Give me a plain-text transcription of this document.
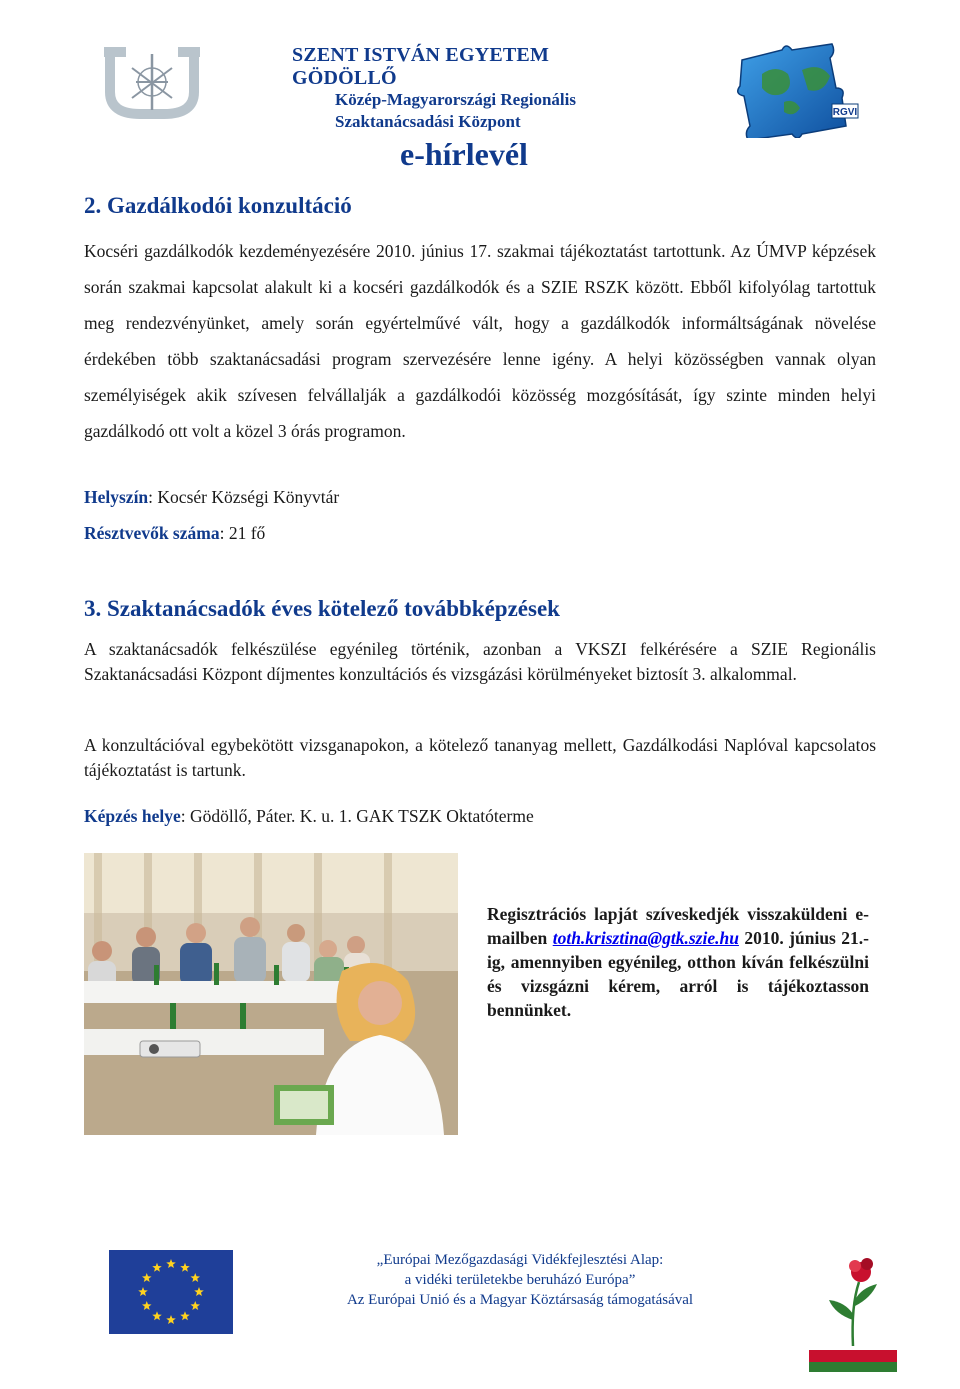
SZENT ISTVÁN EGYETEM GÖDÖLLŐ
Közép-Magyarországi Regionális
Szaktanácsadási Központ
e-hírlevél
RGVI
2. Gazdálkodói konzultáció

Kocséri gazdálkodók kezdeményezésére 2010. június 17. szakmai tájékoztatást tartottunk. Az ÚMVP képzések során szakmai kapcsolat alakult ki a kocséri gazdálkodók és a SZIE RSZK között. Ebből kifolyólag tartottuk meg rendezvényünket, amely során egyértelművé vált, hogy a gazdálkodók informáltságának növelése érdekében több szaktanácsadási program szervezésére lenne igény. A helyi közösségben vannak olyan személyiségek akik szívesen felvállalják a gazdálkodói közösség mozgósítását, így szinte minden helyi gazdálkodó ott volt a közel 3 órás programon.

Helyszín: Kocsér Községi Könyvtár
Résztvevők száma: 21 fő
3. Szaktanácsadók éves kötelező továbbképzések

A szaktanácsadók felkészülése egyénileg történik, azonban a VKSZI felkérésére a SZIE Regionális Szaktanácsadási Központ díjmentes konzultációs és vizsgázási körülményeket biztosít 3. alkalommal.

A konzultációval egybekötött vizsganapokon, a kötelező tananyag mellett, Gazdálkodási Naplóval kapcsolatos tájékoztatást is tartunk.

Képzés helye: Gödöllő, Páter. K. u. 1. GAK TSZK Oktatóterme

Regisztrációs lapját szíveskedjék visszaküldeni e-mailben toth.krisztina@gtk.szie.hu 2010. június 21.-ig, amennyiben egyénileg, otthon kíván felkészülni és vizsgázni kérem, arról is tájékoztasson bennünket.

„Európai Mezőgazdasági Vidékfejlesztési Alap:
a vidéki területekbe beruházó Európa”
Az Európai Unió és a Magyar Köztársaság támogatásával
